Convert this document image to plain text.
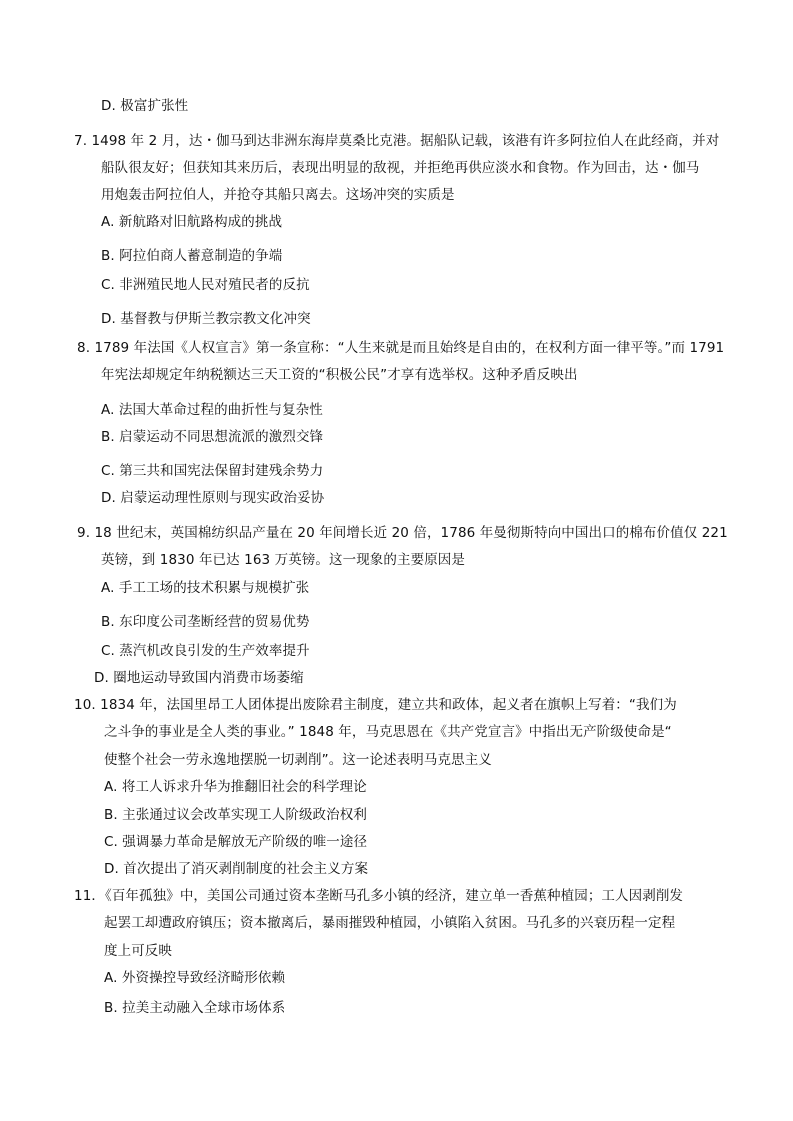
D. 极富扩张性
7. 1498 年 2 月，达・伽马到达非洲东海岸莫桑比克港。据船队记载，该港有许多阿拉伯人在此经商，并对
船队很友好；但获知其来历后，表现出明显的敌视，并拒绝再供应淡水和食物。作为回击，达・伽马
用炮轰击阿拉伯人，并抢夺其船只离去。这场冲突的实质是
A. 新航路对旧航路构成的挑战
B. 阿拉伯商人蓄意制造的争端
C. 非洲殖民地人民对殖民者的反抗
D. 基督教与伊斯兰教宗教文化冲突
8. 1789 年法国《人权宣言》第一条宣称：“人生来就是而且始终是自由的，在权利方面一律平等。”而 1791
年宪法却规定年纳税额达三天工资的“积极公民”才享有选举权。这种矛盾反映出
A. 法国大革命过程的曲折性与复杂性
B. 启蒙运动不同思想流派的激烈交锋
C. 第三共和国宪法保留封建残余势力
D. 启蒙运动理性原则与现实政治妥协
9. 18 世纪末，英国棉纺织品产量在 20 年间增长近 20 倍，1786 年曼彻斯特向中国出口的棉布价值仅 221
英镑，到 1830 年已达 163 万英镑。这一现象的主要原因是
A. 手工工场的技术积累与规模扩张
B. 东印度公司垄断经营的贸易优势
C. 蒸汽机改良引发的生产效率提升
D. 圈地运动导致国内消费市场萎缩
10. 1834 年，法国里昂工人团体提出废除君主制度，建立共和政体，起义者在旗帜上写着：“我们为
之斗争的事业是全人类的事业。” 1848 年，马克思恩在《共产党宣言》中指出无产阶级使命是“
使整个社会一劳永逸地摆脱一切剥削”。这一论述表明马克思主义
A. 将工人诉求升华为推翻旧社会的科学理论
B. 主张通过议会改革实现工人阶级政治权利
C. 强调暴力革命是解放无产阶级的唯一途径
D. 首次提出了消灭剥削制度的社会主义方案
11．《百年孤独》中，美国公司通过资本垄断马孔多小镇的经济，建立单一香蕉种植园；工人因剥削发
起罢工却遭政府镇压；资本撤离后，暴雨摧毁种植园，小镇陷入贫困。马孔多的兴衰历程一定程
度上可反映
A. 外资操控导致经济畸形依赖
B. 拉美主动融入全球市场体系
